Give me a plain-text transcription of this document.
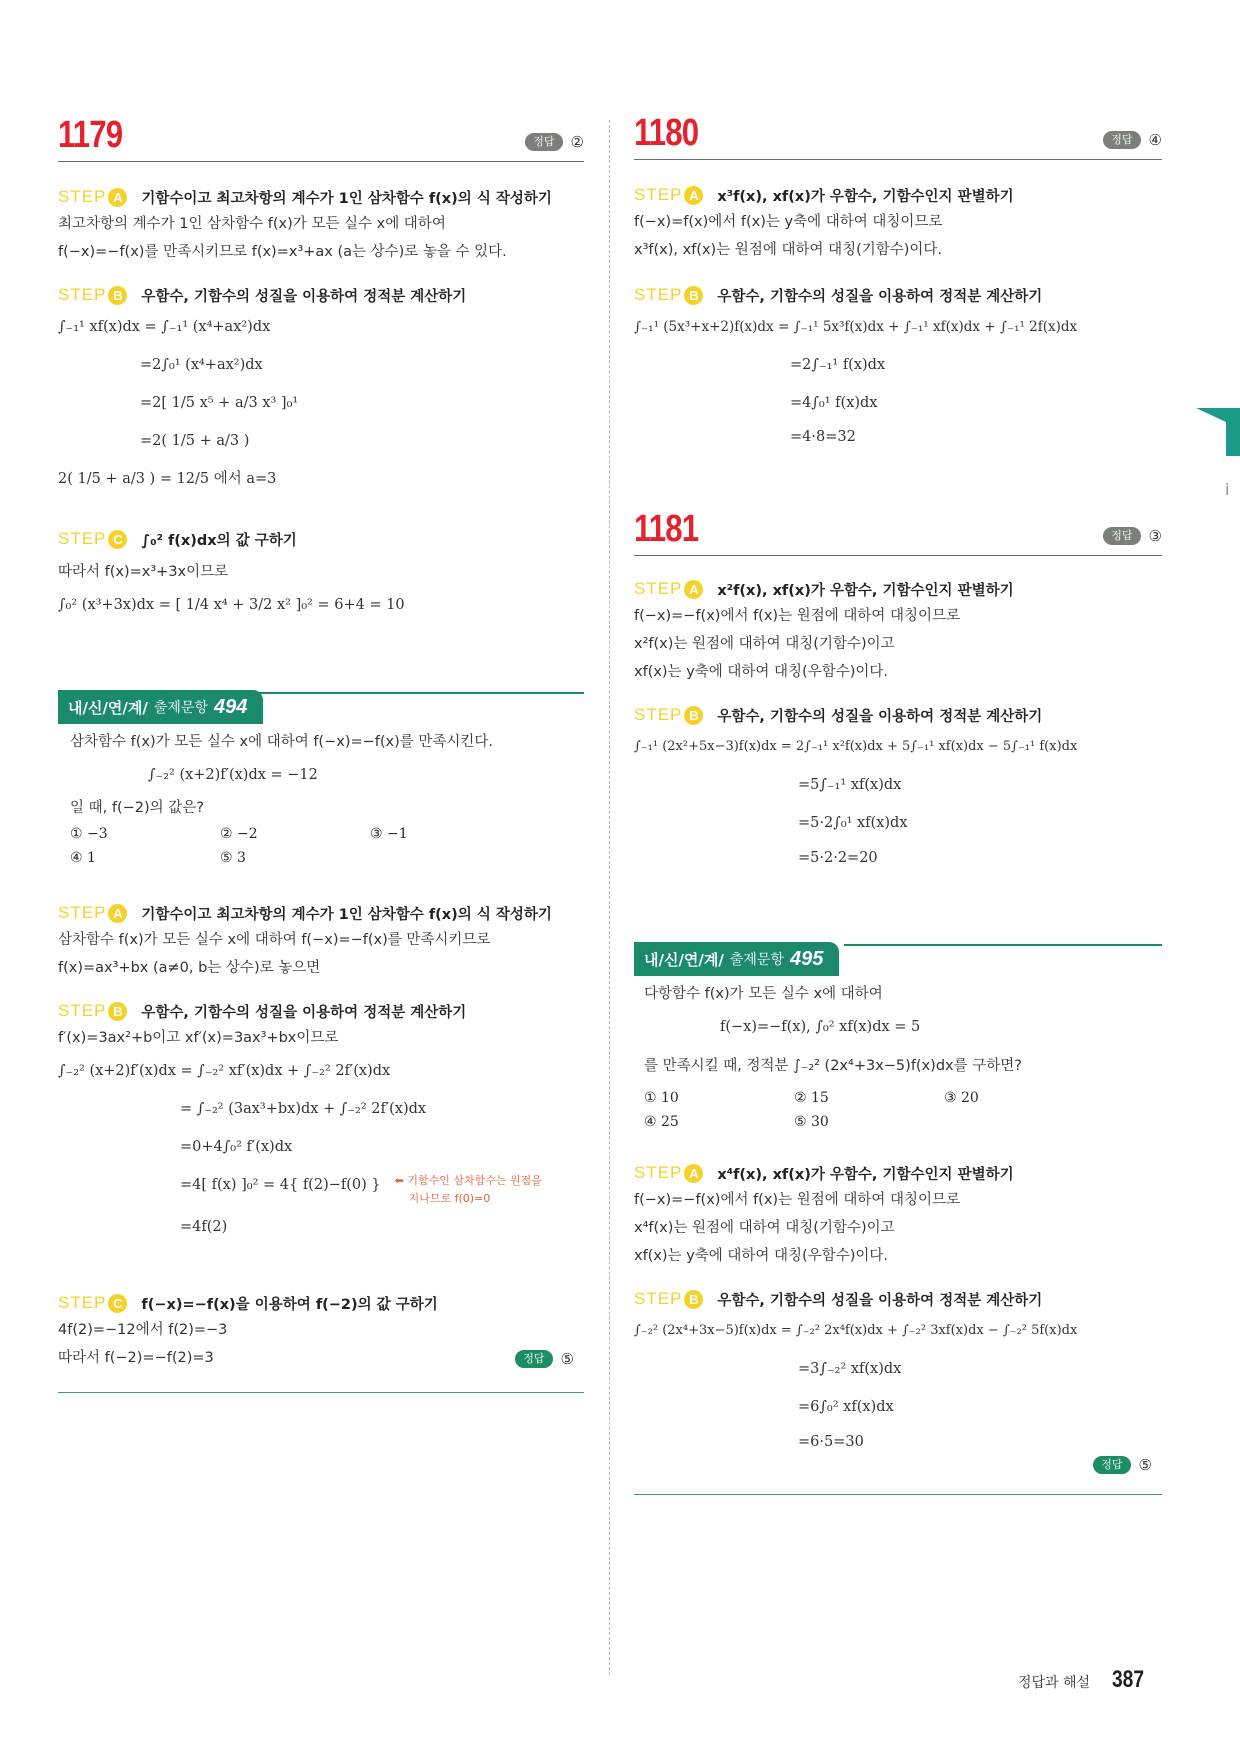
1179	정답	②
STEP A	기함수이고 최고차항의 계수가 1인 삼차함수 f(x)의 식 작성하기
최고차항의 계수가 1인 삼차함수 f(x)가 모든 실수 x에 대하여
f(−x)=−f(x)를 만족시키므로 f(x)=x³+ax (a는 상수)로 놓을 수 있다.
STEP B	우함수, 기함수의 성질을 이용하여 정적분 계산하기
∫₋₁¹ xf(x)dx = ∫₋₁¹ (x⁴+ax²)dx
=2∫₀¹ (x⁴+ax²)dx
=2[ 1/5 x⁵ + a/3 x³ ]₀¹
=2( 1/5 + a/3 )
2( 1/5 + a/3 ) = 12/5 에서 a=3
STEP C	∫₀² f(x)dx의 값 구하기
따라서 f(x)=x³+3x이므로
∫₀² (x³+3x)dx = [ 1/4 x⁴ + 3/2 x² ]₀² = 6+4 = 10
내/신/연/계/ 출제문항 494
삼차함수 f(x)가 모든 실수 x에 대하여 f(−x)=−f(x)를 만족시킨다.
∫₋₂² (x+2)f′(x)dx = −12
일 때, f(−2)의 값은?
① −3	② −2	③ −1
④ 1	⑤ 3
STEP A	기함수이고 최고차항의 계수가 1인 삼차함수 f(x)의 식 작성하기
삼차함수 f(x)가 모든 실수 x에 대하여 f(−x)=−f(x)를 만족시키므로
f(x)=ax³+bx (a≠0, b는 상수)로 놓으면
STEP B	우함수, 기함수의 성질을 이용하여 정적분 계산하기
f′(x)=3ax²+b이고 xf′(x)=3ax³+bx이므로
∫₋₂² (x+2)f′(x)dx = ∫₋₂² xf′(x)dx + ∫₋₂² 2f′(x)dx
= ∫₋₂² (3ax³+bx)dx + ∫₋₂² 2f′(x)dx
=0+4∫₀² f′(x)dx
=4[ f(x) ]₀² = 4{ f(2)−f(0) } ⬅ 기함수인 삼차함수는 원점을
지나므로 f(0)=0
=4f(2)
STEP C	f(−x)=−f(x)을 이용하여 f(−2)의 값 구하기
4f(2)=−12에서 f(2)=−3
따라서 f(−2)=−f(2)=3	정답	⑤
1180	정답	④
STEP A	x³f(x), xf(x)가 우함수, 기함수인지 판별하기
f(−x)=f(x)에서 f(x)는 y축에 대하여 대칭이므로
x³f(x), xf(x)는 원점에 대하여 대칭(기함수)이다.
STEP B	우함수, 기함수의 성질을 이용하여 정적분 계산하기
∫₋₁¹ (5x³+x+2)f(x)dx = ∫₋₁¹ 5x³f(x)dx + ∫₋₁¹ xf(x)dx + ∫₋₁¹ 2f(x)dx
=2∫₋₁¹ f(x)dx
=4∫₀¹ f(x)dx
=4·8=32
1181	정답	③
STEP A	x²f(x), xf(x)가 우함수, 기함수인지 판별하기
f(−x)=−f(x)에서 f(x)는 원점에 대하여 대칭이므로
x²f(x)는 원점에 대하여 대칭(기함수)이고
xf(x)는 y축에 대하여 대칭(우함수)이다.
STEP B	우함수, 기함수의 성질을 이용하여 정적분 계산하기
∫₋₁¹ (2x²+5x−3)f(x)dx = 2∫₋₁¹ x²f(x)dx + 5∫₋₁¹ xf(x)dx − 5∫₋₁¹ f(x)dx
=5∫₋₁¹ xf(x)dx
=5·2∫₀¹ xf(x)dx
=5·2·2=20
내/신/연/계/ 출제문항 495
다항함수 f(x)가 모든 실수 x에 대하여
f(−x)=−f(x), ∫₀² xf(x)dx = 5
를 만족시킬 때, 정적분 ∫₋₂² (2x⁴+3x−5)f(x)dx를 구하면?
① 10	② 15	③ 20
④ 25	⑤ 30
STEP A	x⁴f(x), xf(x)가 우함수, 기함수인지 판별하기
f(−x)=−f(x)에서 f(x)는 원점에 대하여 대칭이므로
x⁴f(x)는 원점에 대하여 대칭(기함수)이고
xf(x)는 y축에 대하여 대칭(우함수)이다.
STEP B	우함수, 기함수의 성질을 이용하여 정적분 계산하기
∫₋₂² (2x⁴+3x−5)f(x)dx = ∫₋₂² 2x⁴f(x)dx + ∫₋₂² 3xf(x)dx − ∫₋₂² 5f(x)dx
=3∫₋₂² xf(x)dx
=6∫₀² xf(x)dx
=6·5=30
정답	⑤
i
정답과 해설 387
